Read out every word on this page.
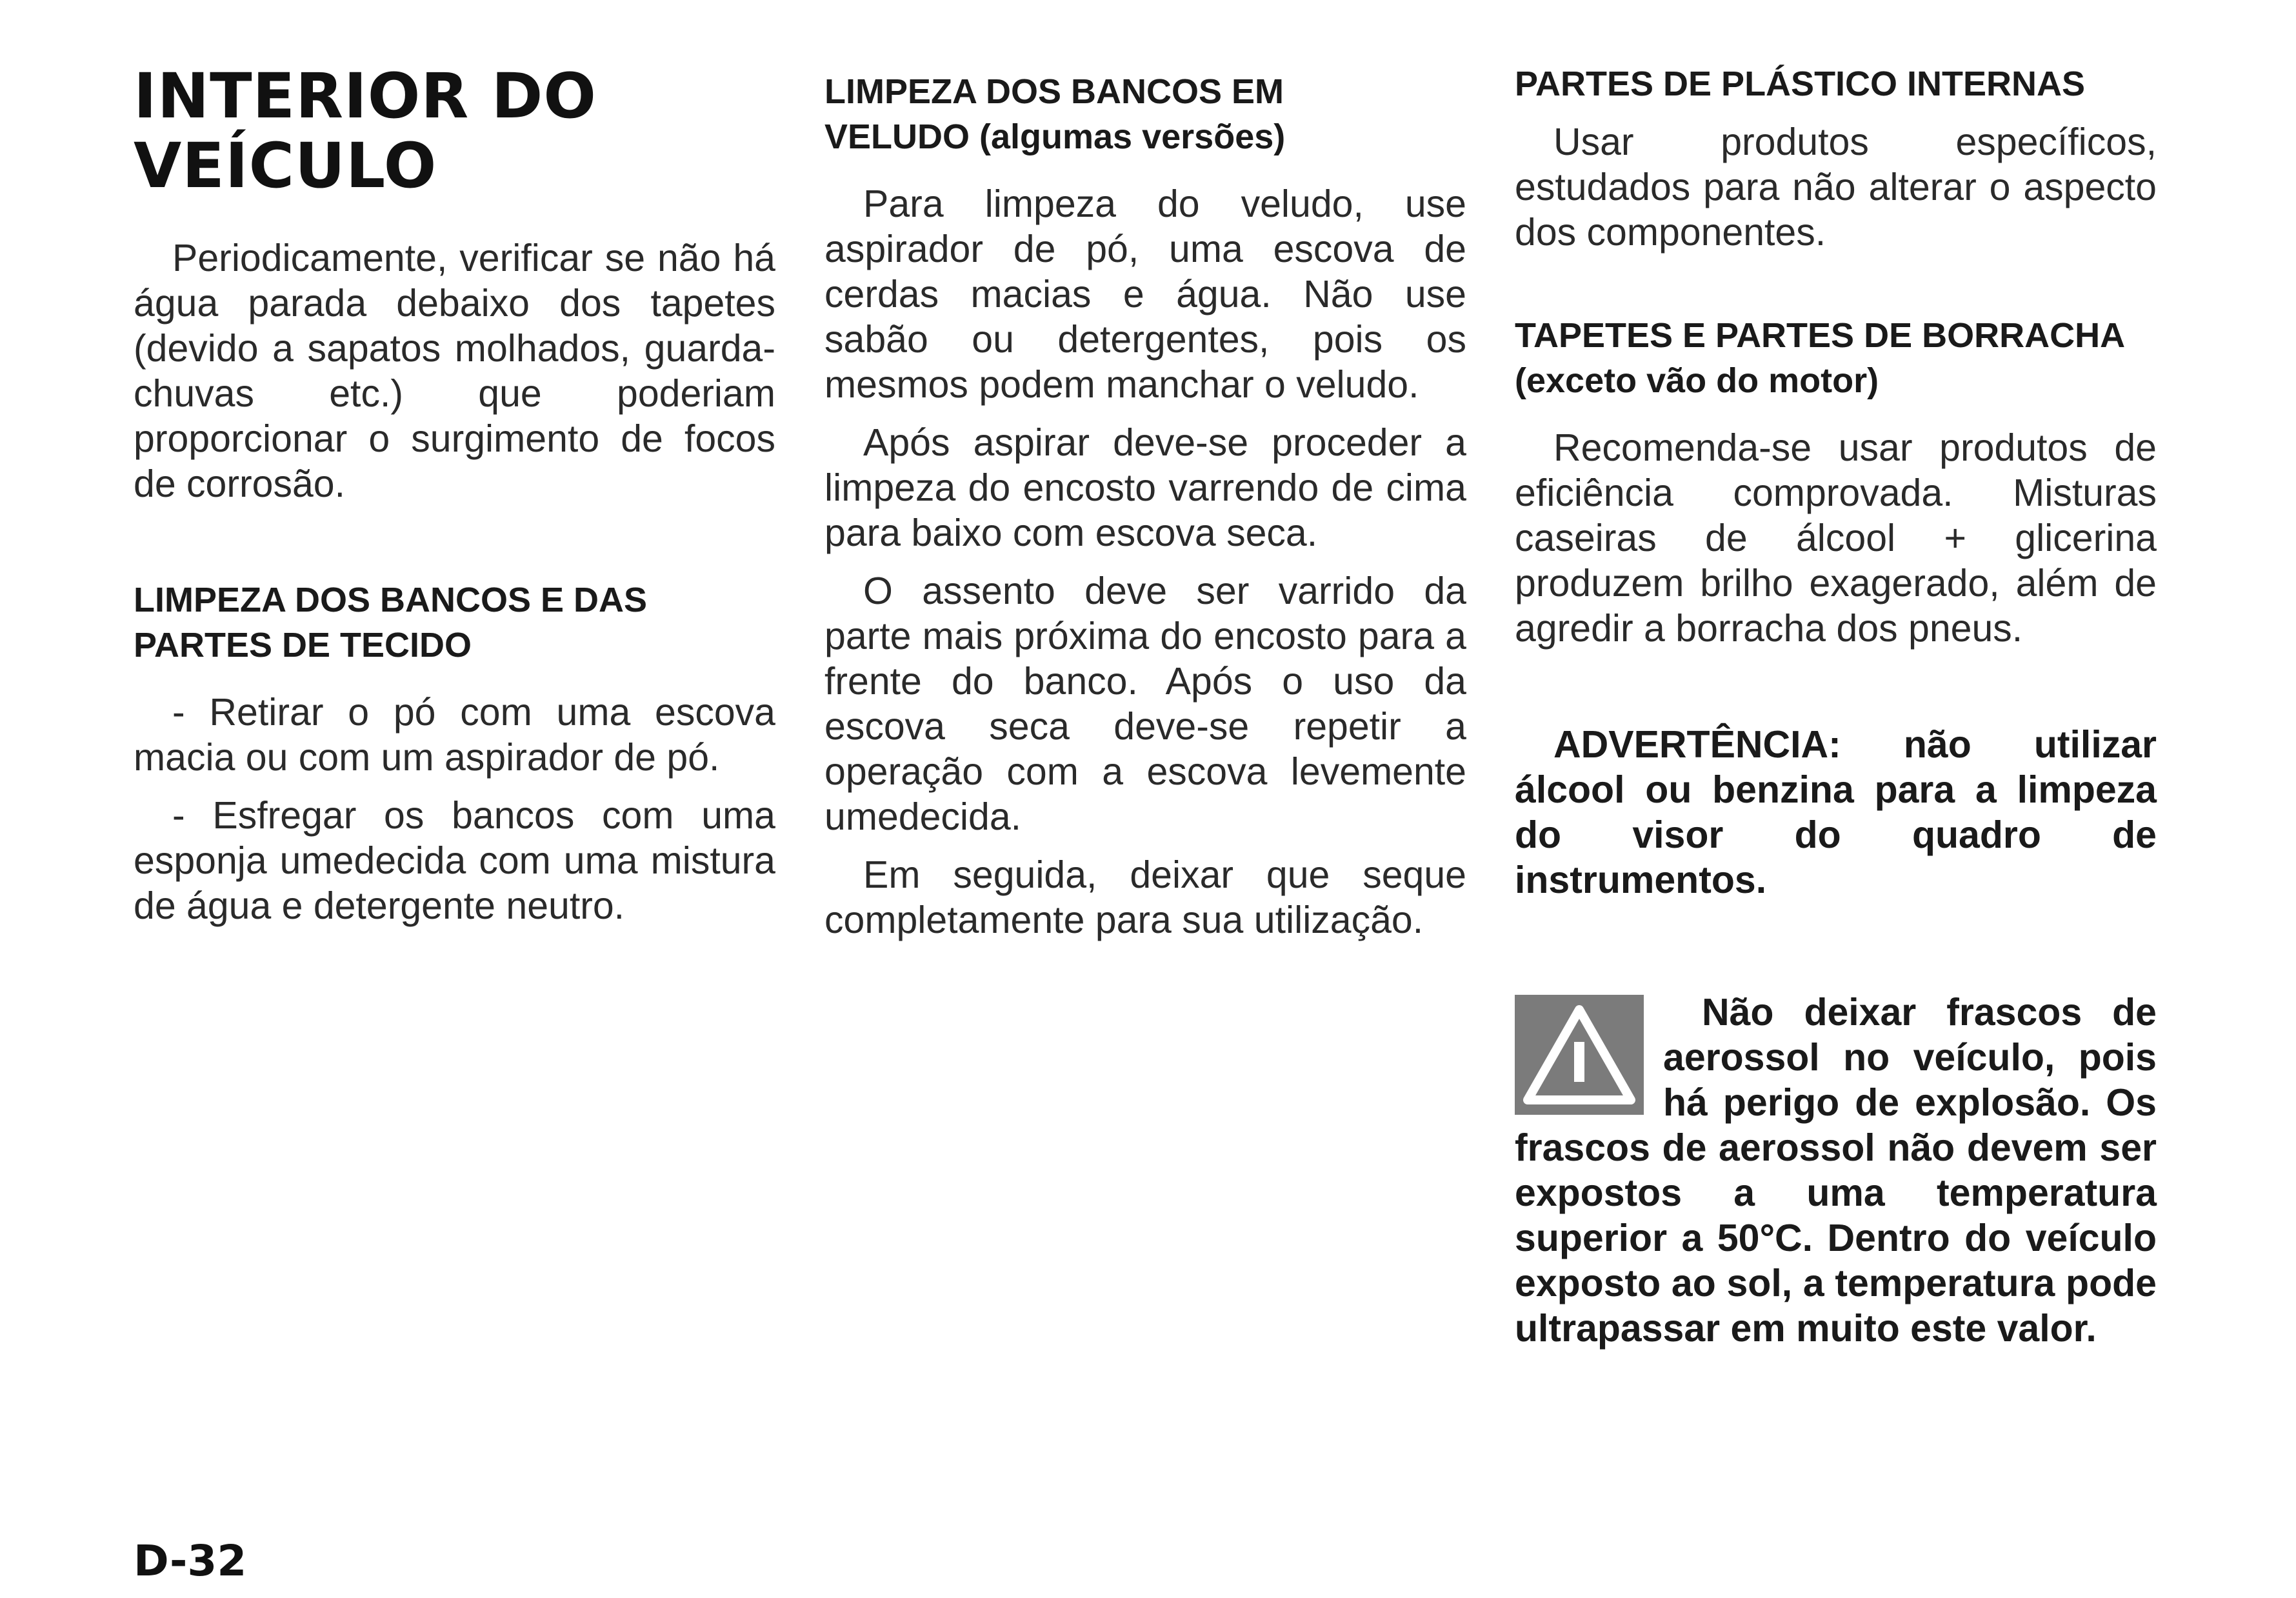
INTERIOR DO
VEÍCULO

Periodicamente, verificar se não há água parada debaixo dos tapetes (devido a sapatos molhados, guarda-chuvas etc.) que poderiam proporcionar o surgimento de focos de corrosão.

LIMPEZA DOS BANCOS E DAS
PARTES DE TECIDO

- Retirar o pó com uma escova macia ou com um aspirador de pó.

- Esfregar os bancos com uma esponja umedecida com uma mistura de água e detergente neutro.

LIMPEZA DOS BANCOS EM
VELUDO (algumas versões)

Para limpeza do veludo, use aspirador de pó, uma escova de cerdas macias e água. Não use sabão ou detergentes, pois os mesmos podem manchar o veludo.

Após aspirar deve-se proceder a limpeza do encosto varrendo de cima para baixo com escova seca.

O assento deve ser varrido da parte mais próxima do encosto para a frente do banco. Após o uso da escova seca deve-se repetir a operação com a escova levemente umedecida.

Em seguida, deixar que seque completamente para sua utilização.

PARTES DE PLÁSTICO INTERNAS

Usar produtos específicos, estudados para não alterar o aspecto dos componentes.

TAPETES E PARTES DE BORRACHA
(exceto vão do motor)

Recomenda-se usar produtos de eficiência comprovada. Misturas caseiras de álcool + glicerina produzem brilho exagerado, além de agredir a borracha dos pneus.

ADVERTÊNCIA: não utilizar álcool ou benzina para a limpeza do visor do quadro de instrumentos.

Não deixar frascos de aerossol no veículo, pois há perigo de explosão. Os frascos de aerossol não devem ser expostos a uma temperatura superior a 50°C. Dentro do veículo exposto ao sol, a temperatura pode ultrapassar em muito este valor.

D-32
